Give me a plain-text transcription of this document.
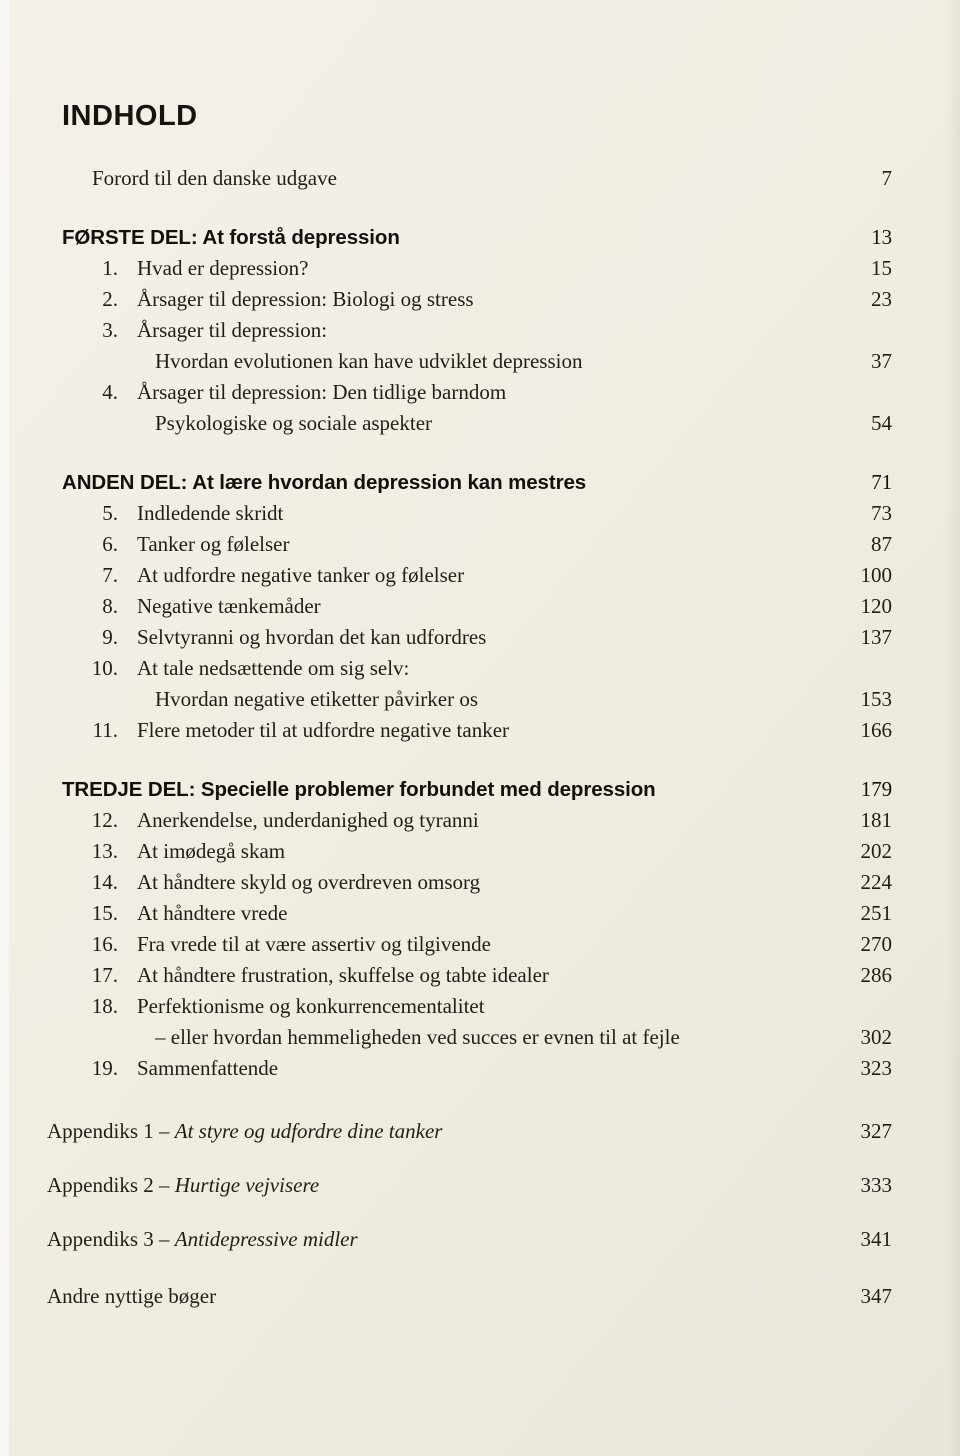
INDHOLD
Forord til den danske udgave	7
FØRSTE DEL: At forstå depression	13
1. Hvad er depression?	15
2. Årsager til depression: Biologi og stress	23
3. Årsager til depression:
Hvordan evolutionen kan have udviklet depression	37
4. Årsager til depression: Den tidlige barndom
Psykologiske og sociale aspekter	54
ANDEN DEL: At lære hvordan depression kan mestres	71
5. Indledende skridt	73
6. Tanker og følelser	87
7. At udfordre negative tanker og følelser	100
8. Negative tænkemåder	120
9. Selvtyranni og hvordan det kan udfordres	137
10. At tale nedsættende om sig selv:
Hvordan negative etiketter påvirker os	153
11. Flere metoder til at udfordre negative tanker	166
TREDJE DEL: Specielle problemer forbundet med depression	179
12. Anerkendelse, underdanighed og tyranni	181
13. At imødegå skam	202
14. At håndtere skyld og overdreven omsorg	224
15. At håndtere vrede	251
16. Fra vrede til at være assertiv og tilgivende	270
17. At håndtere frustration, skuffelse og tabte idealer	286
18. Perfektionisme og konkurrencementalitet
– eller hvordan hemmeligheden ved succes er evnen til at fejle	302
19. Sammenfattende	323
Appendiks 1 – At styre og udfordre dine tanker	327
Appendiks 2 – Hurtige vejvisere	333
Appendiks 3 – Antidepressive midler	341
Andre nyttige bøger	347
